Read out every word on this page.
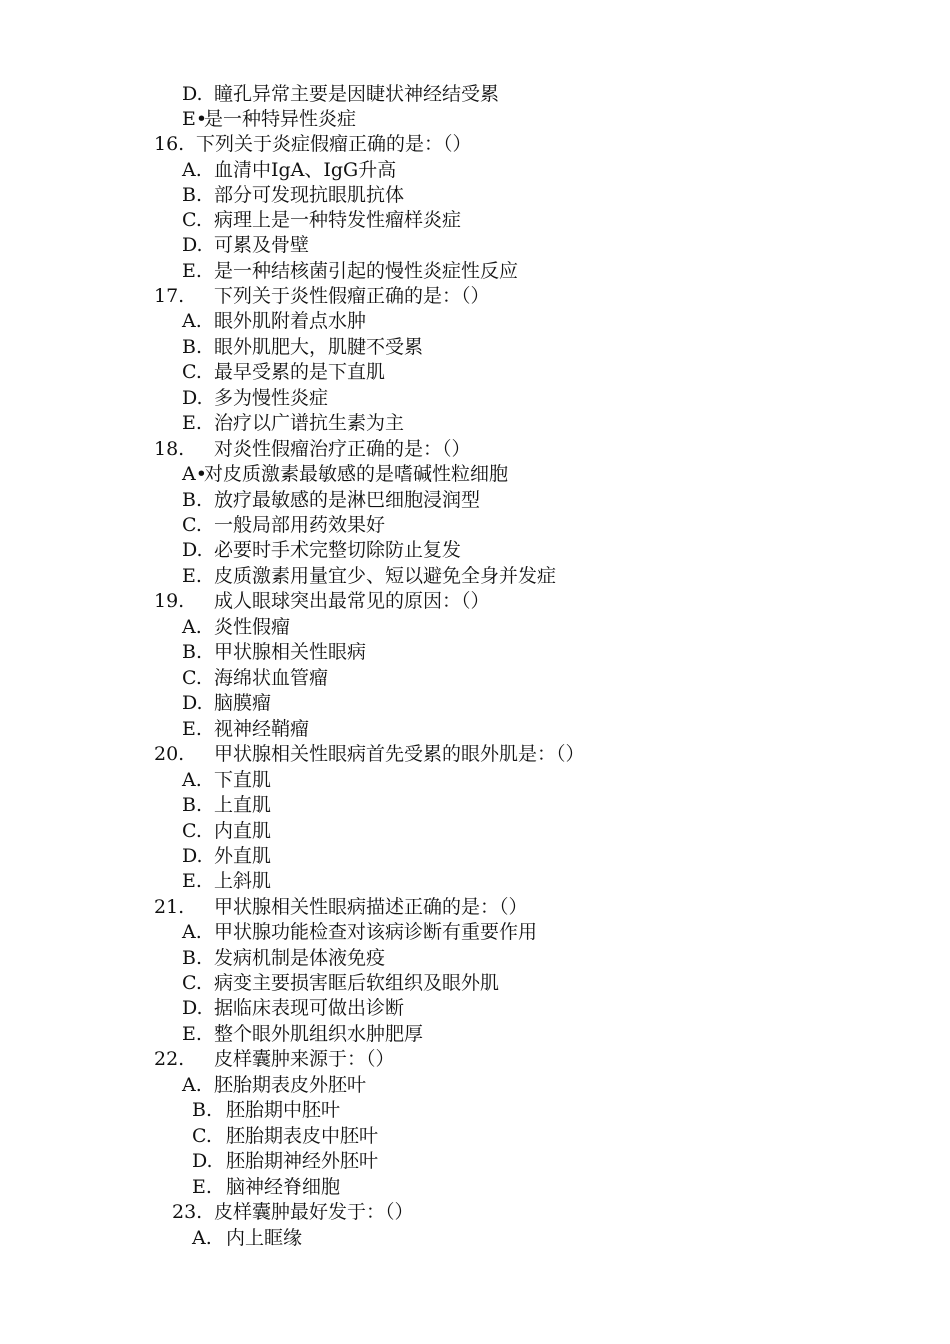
D. 瞳孔异常主要是因睫状神经结受累
E•是一种特异性炎症
16. 下列关于炎症假瘤正确的是：（）
A. 血清中IgA、IgG升高
B. 部分可发现抗眼肌抗体
C. 病理上是一种特发性瘤样炎症
D. 可累及骨壁
E. 是一种结核菌引起的慢性炎症性反应
17. 下列关于炎性假瘤正确的是：（）
A. 眼外肌附着点水肿
B. 眼外肌肥大，肌腱不受累
C. 最早受累的是下直肌
D. 多为慢性炎症
E. 治疗以广谱抗生素为主
18. 对炎性假瘤治疗正确的是：（）
A•对皮质激素最敏感的是嗜碱性粒细胞
B. 放疗最敏感的是淋巴细胞浸润型
C. 一般局部用药效果好
D. 必要时手术完整切除防止复发
E. 皮质激素用量宜少、短以避免全身并发症
19. 成人眼球突出最常见的原因：（）
A. 炎性假瘤
B. 甲状腺相关性眼病
C. 海绵状血管瘤
D. 脑膜瘤
E. 视神经鞘瘤
20. 甲状腺相关性眼病首先受累的眼外肌是：（）
A. 下直肌
B. 上直肌
C. 内直肌
D. 外直肌
E. 上斜肌
21. 甲状腺相关性眼病描述正确的是：（）
A. 甲状腺功能检查对该病诊断有重要作用
B. 发病机制是体液免疫
C. 病变主要损害眶后软组织及眼外肌
D. 据临床表现可做出诊断
E. 整个眼外肌组织水肿肥厚
22. 皮样囊肿来源于：（）
A. 胚胎期表皮外胚叶
B. 胚胎期中胚叶
C. 胚胎期表皮中胚叶
D. 胚胎期神经外胚叶
E. 脑神经脊细胞
23. 皮样囊肿最好发于：（）
A. 内上眶缘
